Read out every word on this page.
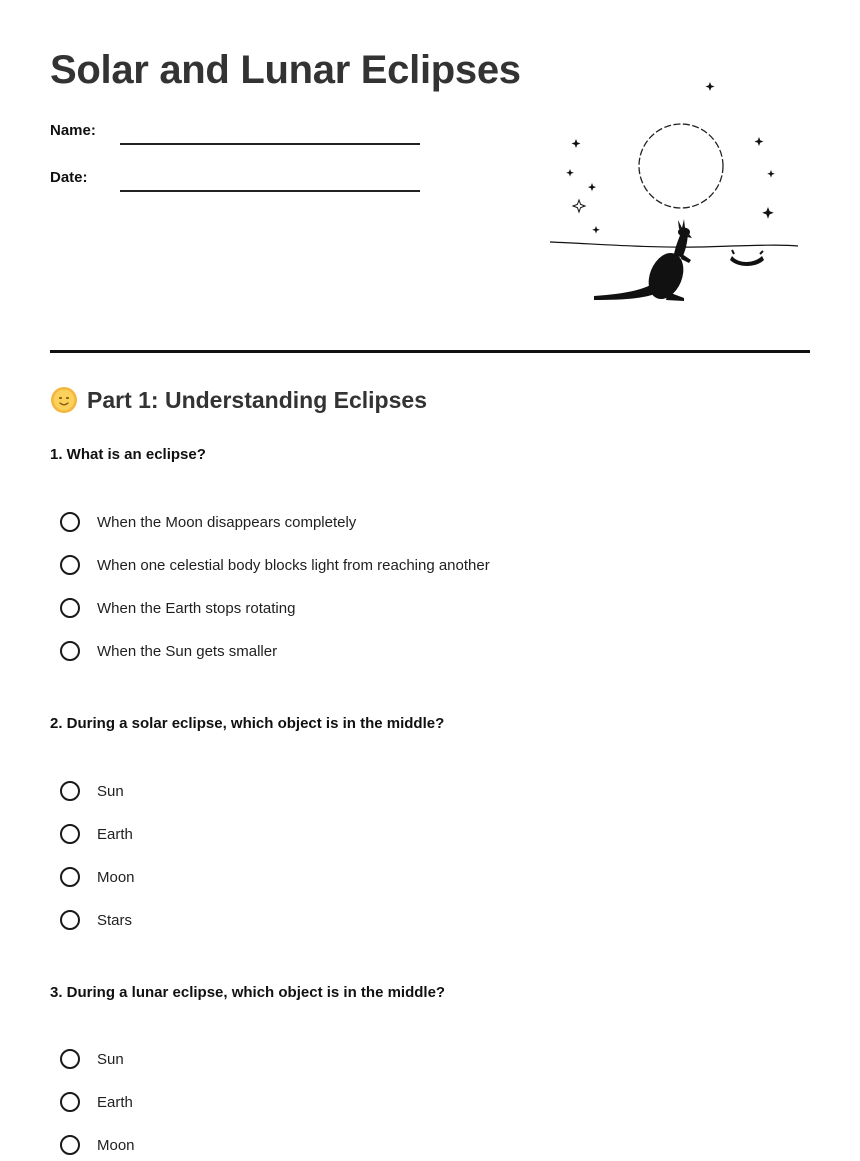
Solar and Lunar Eclipses
Name:
Date:
Part 1: Understanding Eclipses
1. What is an eclipse?
When the Moon disappears completely
When one celestial body blocks light from reaching another
When the Earth stops rotating
When the Sun gets smaller
2. During a solar eclipse, which object is in the middle?
Sun
Earth
Moon
Stars
3. During a lunar eclipse, which object is in the middle?
Sun
Earth
Moon
